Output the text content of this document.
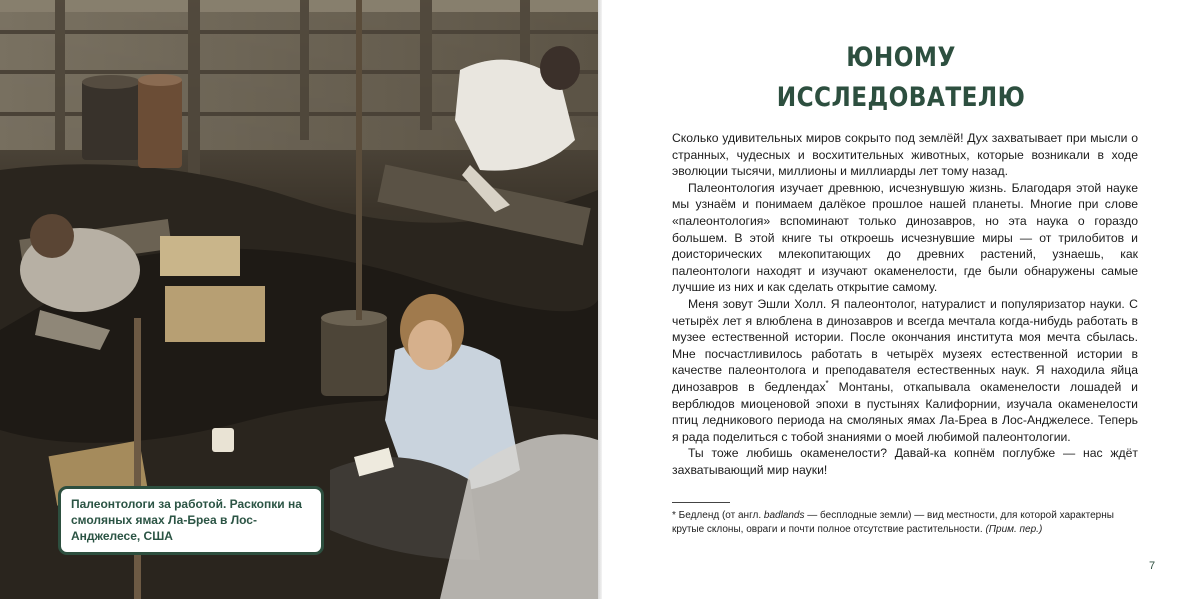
Палеонтологи за работой. Раскопки на смоляных ямах Ла-Бреа в Лос-Анджелесе, США

ЮНОМУ
ИССЛЕДОВАТЕЛЮ

Сколько удивительных миров сокрыто под землёй! Дух захватывает при мысли о странных, чудесных и восхитительных животных, которые возникали в ходе эволюции тысячи, миллионы и миллиарды лет тому назад.

Палеонтология изучает древнюю, исчезнувшую жизнь. Благодаря этой науке мы узнаём и понимаем далёкое прошлое нашей планеты. Многие при слове «палеонтология» вспоминают только динозавров, но эта наука о гораздо большем. В этой книге ты откроешь исчезнувшие миры — от трилобитов и доисторических млекопитающих до древних растений, узнаешь, как палеонтологи находят и изучают окаменелости, где были обнаружены самые лучшие из них и как сделать открытие самому.

Меня зовут Эшли Холл. Я палеонтолог, натуралист и популяризатор науки. С четырёх лет я влюблена в динозавров и всегда мечтала когда-нибудь работать в музее естественной истории. После окончания института моя мечта сбылась. Мне посчастливилось работать в четырёх музеях естественной истории в качестве палеонтолога и преподавателя естественных наук. Я находила яйца динозавров в бедлендах* Монтаны, откапывала окаменелости лошадей и верблюдов миоценовой эпохи в пустынях Калифорнии, изучала окаменелости птиц ледникового периода на смоляных ямах Ла-Бреа в Лос-Анджелесе. Теперь я рада поделиться с тобой знаниями о моей любимой палеонтологии.

Ты тоже любишь окаменелости? Давай-ка копнём поглубже — нас ждёт захватывающий мир науки!

* Бедленд (от англ. badlands — бесплодные земли) — вид местности, для которой характерны крутые склоны, овраги и почти полное отсутствие растительности. (Прим. пер.)

7
